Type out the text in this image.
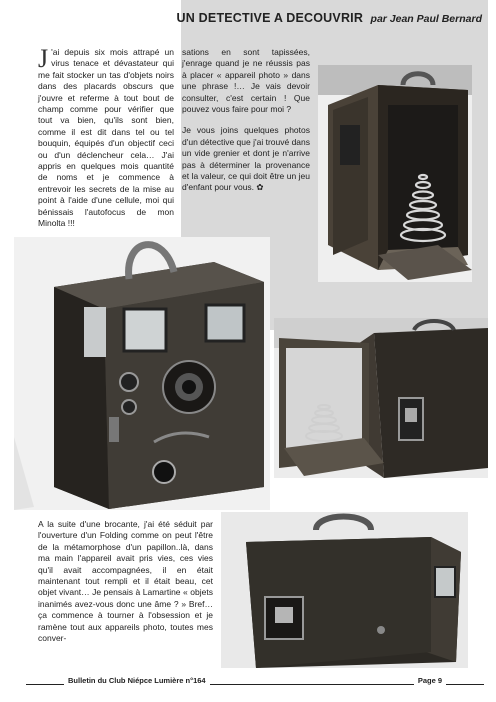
UN DETECTIVE A DECOUVRIR par Jean Paul Bernard
J 'ai depuis six mois attrapé un virus tenace et dévastateur qui me fait stocker un tas d'objets noirs dans des placards obscurs que j'ouvre et referme à tout bout de champ comme pour vérifier que tout va bien, qu'ils sont bien, comme il est dit dans tel ou tel bouquin, équipés d'un objectif ceci ou d'un déclencheur cela… J'ai appris en quelques mois quantité de noms et je commence à entrevoir les secrets de la mise au point à l'aide d'une cellule, moi qui bénissais l'autofocus de mon Minolta !!!

sations en sont tapissées, j'enrage quand je ne réussis pas à placer « appareil photo » dans une phrase !… Je vais devoir consulter, c'est certain ! Que pouvez vous faire pour moi ?

Je vous joins quelques photos d'un détective que j'ai trouvé dans un vide grenier et dont je n'arrive pas à déterminer la provenance et la valeur, ce qui doit être un jeu d'enfant pour vous. ✿

A la suite d'une brocante, j'ai été séduit par l'ouverture d'un Folding comme on peut l'être de la métamorphose d'un papillon..là, dans ma main l'appareil avait pris vies, ces vies qu'il avait accompagnées, il en était maintenant tout rempli et il était beau, cet objet vivant… Je pensais à Lamartine « objets inanimés avez-vous donc une âme ? » Bref… ça commence à tourner à l'obsession et je ramène tout aux appareils photo, toutes mes conver-
Bulletin du Club Niépce Lumière n°164	Page 9
